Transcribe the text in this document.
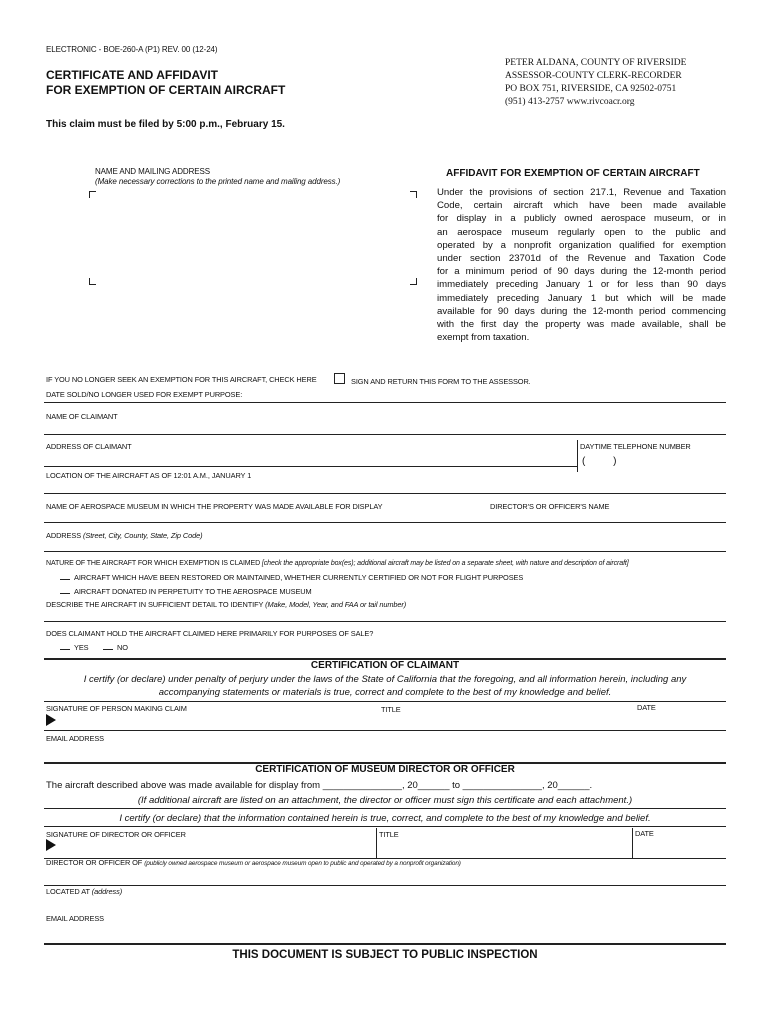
ELECTRONIC - BOE-260-A (P1) REV. 00 (12-24)
CERTIFICATE AND AFFIDAVIT
FOR EXEMPTION OF CERTAIN AIRCRAFT
This claim must be filed by 5:00 p.m., February 15.
PETER ALDANA, COUNTY OF RIVERSIDE
ASSESSOR-COUNTY CLERK-RECORDER
PO BOX 751, RIVERSIDE, CA 92502-0751
(951) 413-2757 www.rivcoacr.org
NAME AND MAILING ADDRESS
(Make necessary corrections to the printed name and mailing address.)
AFFIDAVIT FOR EXEMPTION OF CERTAIN AIRCRAFT
Under the provisions of section 217.1, Revenue and Taxation
Code, certain aircraft which have been made available
for display in a publicly owned aerospace museum, or in
an aerospace museum regularly open to the public and
operated by a nonprofit organization qualified for exemption
under section 23701d of the Revenue and Taxation Code
for a minimum period of 90 days during the 12-month period
immediately preceding January 1 or for less than 90 days
immediately preceding January 1 but which will be made
available for 90 days during the 12-month period commencing
with the first day the property was made available, shall be
exempt from taxation.
IF YOU NO LONGER SEEK AN EXEMPTION FOR THIS AIRCRAFT, CHECK HERE	SIGN AND RETURN THIS FORM TO THE ASSESSOR.
DATE SOLD/NO LONGER USED FOR EXEMPT PURPOSE:
NAME OF CLAIMANT
ADDRESS OF CLAIMANT	DAYTIME TELEPHONE NUMBER
(          )
LOCATION OF THE AIRCRAFT AS OF 12:01 A.M., JANUARY 1
NAME OF AEROSPACE MUSEUM IN WHICH THE PROPERTY WAS MADE AVAILABLE FOR DISPLAY	DIRECTOR'S OR OFFICER'S NAME
ADDRESS (Street, City, County, State, Zip Code)
NATURE OF THE AIRCRAFT FOR WHICH EXEMPTION IS CLAIMED [check the appropriate box(es); additional aircraft may be listed on a separate sheet, with nature and description of aircraft]
AIRCRAFT WHICH HAVE BEEN RESTORED OR MAINTAINED, WHETHER CURRENTLY CERTIFIED OR NOT FOR FLIGHT PURPOSES
AIRCRAFT DONATED IN PERPETUITY TO THE AEROSPACE MUSEUM
DESCRIBE THE AIRCRAFT IN SUFFICIENT DETAIL TO IDENTIFY (Make, Model, Year, and FAA or tail number)
DOES CLAIMANT HOLD THE AIRCRAFT CLAIMED HERE PRIMARILY FOR PURPOSES OF SALE?
YES	NO
CERTIFICATION OF CLAIMANT
I certify (or declare) under penalty of perjury under the laws of the State of California that the foregoing, and all information herein, including any
accompanying statements or materials is true, correct and complete to the best of my knowledge and belief.
SIGNATURE OF PERSON MAKING CLAIM	TITLE	DATE
EMAIL ADDRESS
CERTIFICATION OF MUSEUM DIRECTOR OR OFFICER
The aircraft described above was made available for display from _______________, 20______ to _______________, 20______.
(If additional aircraft are listed on an attachment, the director or officer must sign this certificate and each attachment.)
I certify (or declare) that the information contained herein is true, correct, and complete to the best of my knowledge and belief.
SIGNATURE OF DIRECTOR OR OFFICER	TITLE	DATE
DIRECTOR OR OFFICER OF (publicly owned aerospace museum or aerospace museum open to public and operated by a nonprofit organization)
LOCATED AT (address)
EMAIL ADDRESS
THIS DOCUMENT IS SUBJECT TO PUBLIC INSPECTION
